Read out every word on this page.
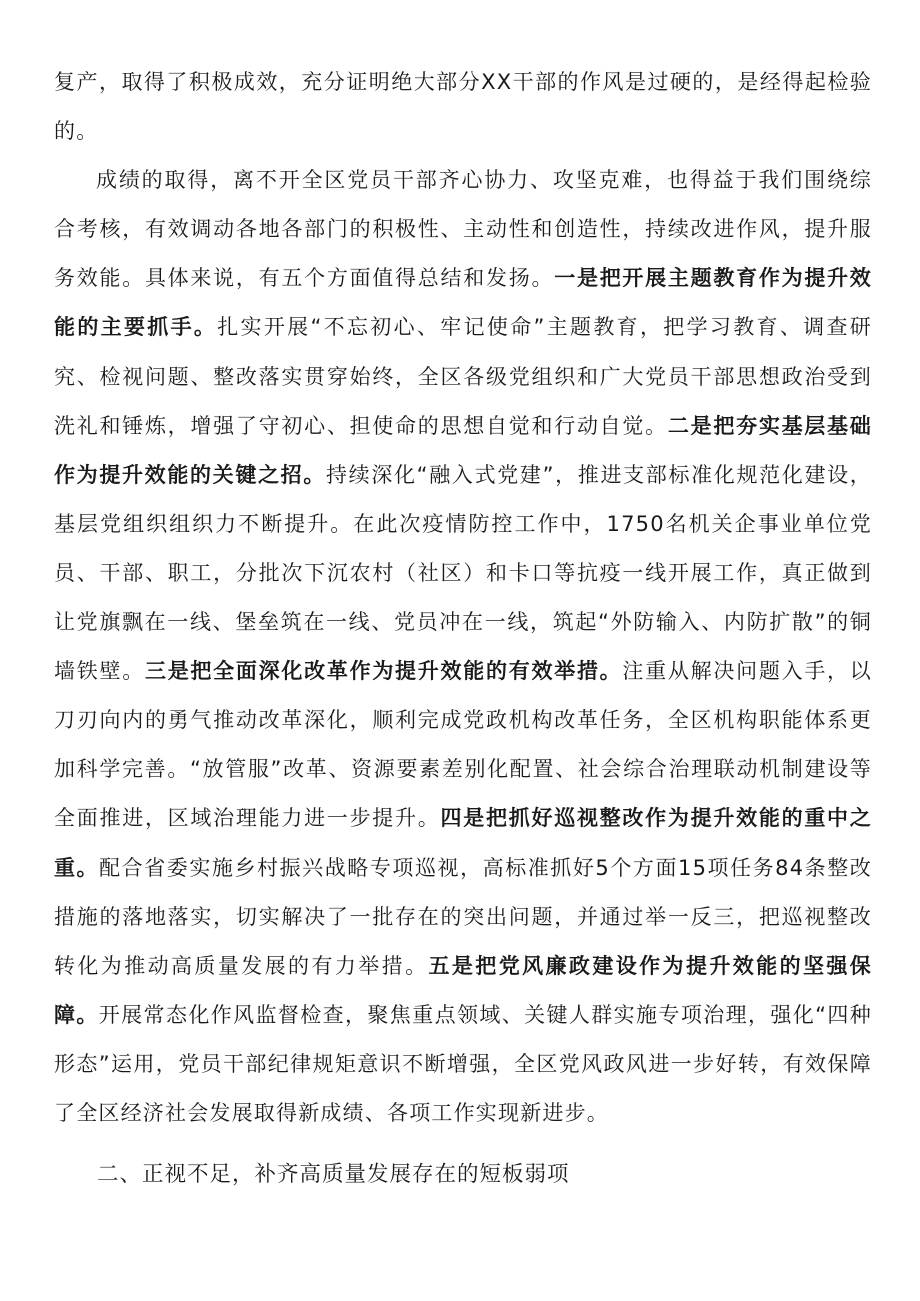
复产，取得了积极成效，充分证明绝大部分XX干部的作风是过硬的，是经得起检验的。

成绩的取得，离不开全区党员干部齐心协力、攻坚克难，也得益于我们围绕综合考核，有效调动各地各部门的积极性、主动性和创造性，持续改进作风，提升服务效能。具体来说，有五个方面值得总结和发扬。一是把开展主题教育作为提升效能的主要抓手。扎实开展“不忘初心、牢记使命”主题教育，把学习教育、调查研究、检视问题、整改落实贯穿始终，全区各级党组织和广大党员干部思想政治受到洗礼和锤炼，增强了守初心、担使命的思想自觉和行动自觉。二是把夯实基层基础作为提升效能的关键之招。持续深化“融入式党建”，推进支部标准化规范化建设，基层党组织组织力不断提升。在此次疫情防控工作中，1750名机关企事业单位党员、干部、职工，分批次下沉农村（社区）和卡口等抗疫一线开展工作，真正做到让党旗飘在一线、堡垒筑在一线、党员冲在一线，筑起“外防输入、内防扩散”的铜墙铁壁。三是把全面深化改革作为提升效能的有效举措。注重从解决问题入手，以刀刃向内的勇气推动改革深化，顺利完成党政机构改革任务，全区机构职能体系更加科学完善。“放管服”改革、资源要素差别化配置、社会综合治理联动机制建设等全面推进，区域治理能力进一步提升。四是把抓好巡视整改作为提升效能的重中之重。配合省委实施乡村振兴战略专项巡视，高标准抓好5个方面15项任务84条整改措施的落地落实，切实解决了一批存在的突出问题，并通过举一反三，把巡视整改转化为推动高质量发展的有力举措。五是把党风廉政建设作为提升效能的坚强保障。开展常态化作风监督检查，聚焦重点领域、关键人群实施专项治理，强化“四种形态”运用，党员干部纪律规矩意识不断增强，全区党风政风进一步好转，有效保障了全区经济社会发展取得新成绩、各项工作实现新进步。

二、正视不足，补齐高质量发展存在的短板弱项
